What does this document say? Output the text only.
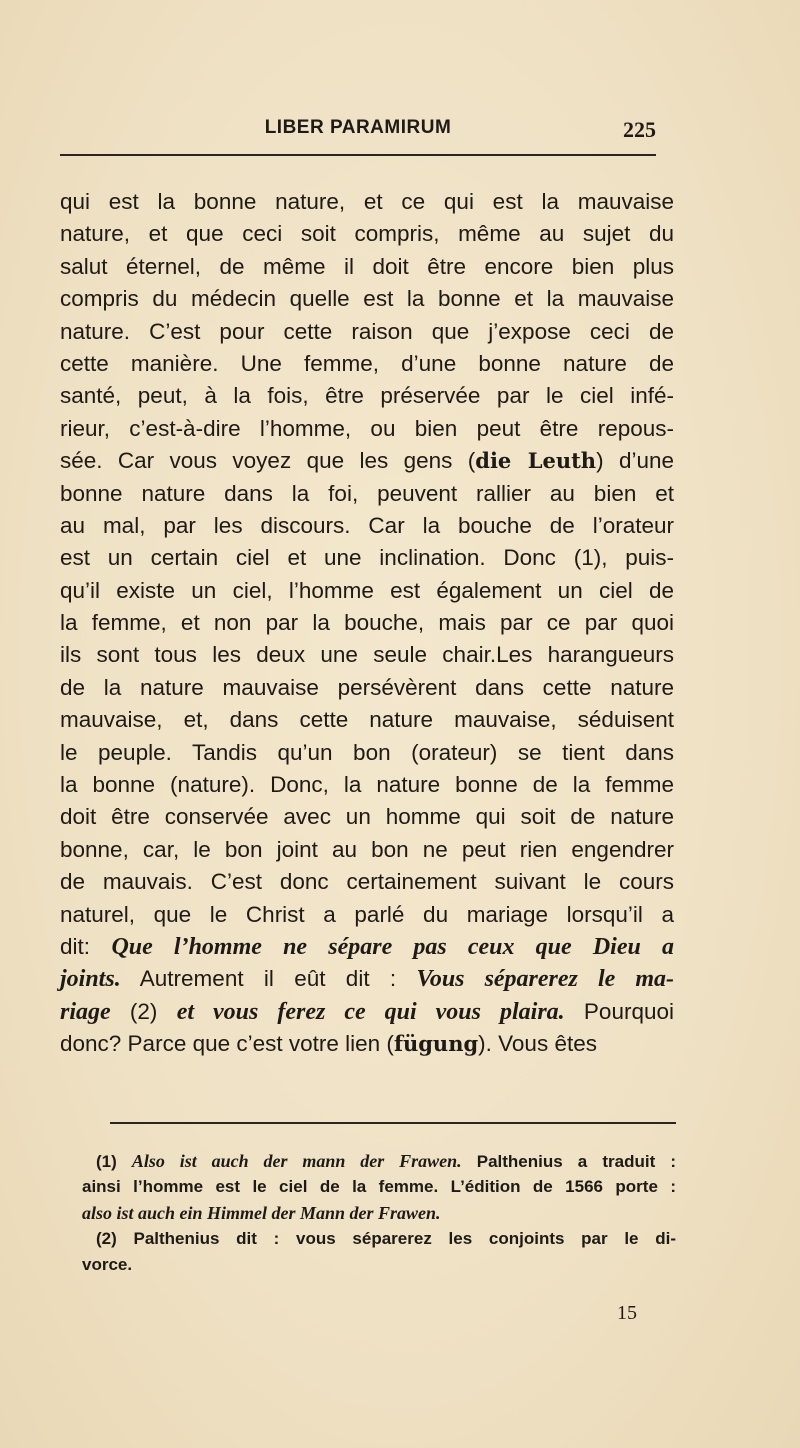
LIBER PARAMIRUM	225
qui est la bonne nature, et ce qui est la mauvaise
nature, et que ceci soit compris, même au sujet du
salut éternel, de même il doit être encore bien plus
compris du médecin quelle est la bonne et la mauvaise
nature. C’est pour cette raison que j’expose ceci de
cette manière. Une femme, d’une bonne nature de
santé, peut, à la fois, être préservée par le ciel infé-
rieur, c’est-à-dire l’homme, ou bien peut être repous-
sée. Car vous voyez que les gens (die Leuth) d’une
bonne nature dans la foi, peuvent rallier au bien et
au mal, par les discours. Car la bouche de l’orateur
est un certain ciel et une inclination. Donc (1), puis-
qu’il existe un ciel, l’homme est également un ciel de
la femme, et non par la bouche, mais par ce par quoi
ils sont tous les deux une seule chair.Les harangueurs
de la nature mauvaise persévèrent dans cette nature
mauvaise, et, dans cette nature mauvaise, séduisent
le peuple. Tandis qu’un bon (orateur) se tient dans
la bonne (nature). Donc, la nature bonne de la femme
doit être conservée avec un homme qui soit de nature
bonne, car, le bon joint au bon ne peut rien engendrer
de mauvais. C’est donc certainement suivant le cours
naturel, que le Christ a parlé du mariage lorsqu’il a
dit: Que l’homme ne sépare pas ceux que Dieu a
joints. Autrement il eût dit : Vous séparerez le ma-
riage (2) et vous ferez ce qui vous plaira. Pourquoi
donc? Parce que c’est votre lien (fügung). Vous êtes
(1) Also ist auch der mann der Frawen. Palthenius a traduit :
ainsi l’homme est le ciel de la femme. L’édition de 1566 porte :
also ist auch ein Himmel der Mann der Frawen.
(2) Palthenius dit : vous séparerez les conjoints par le di-
vorce.
15
